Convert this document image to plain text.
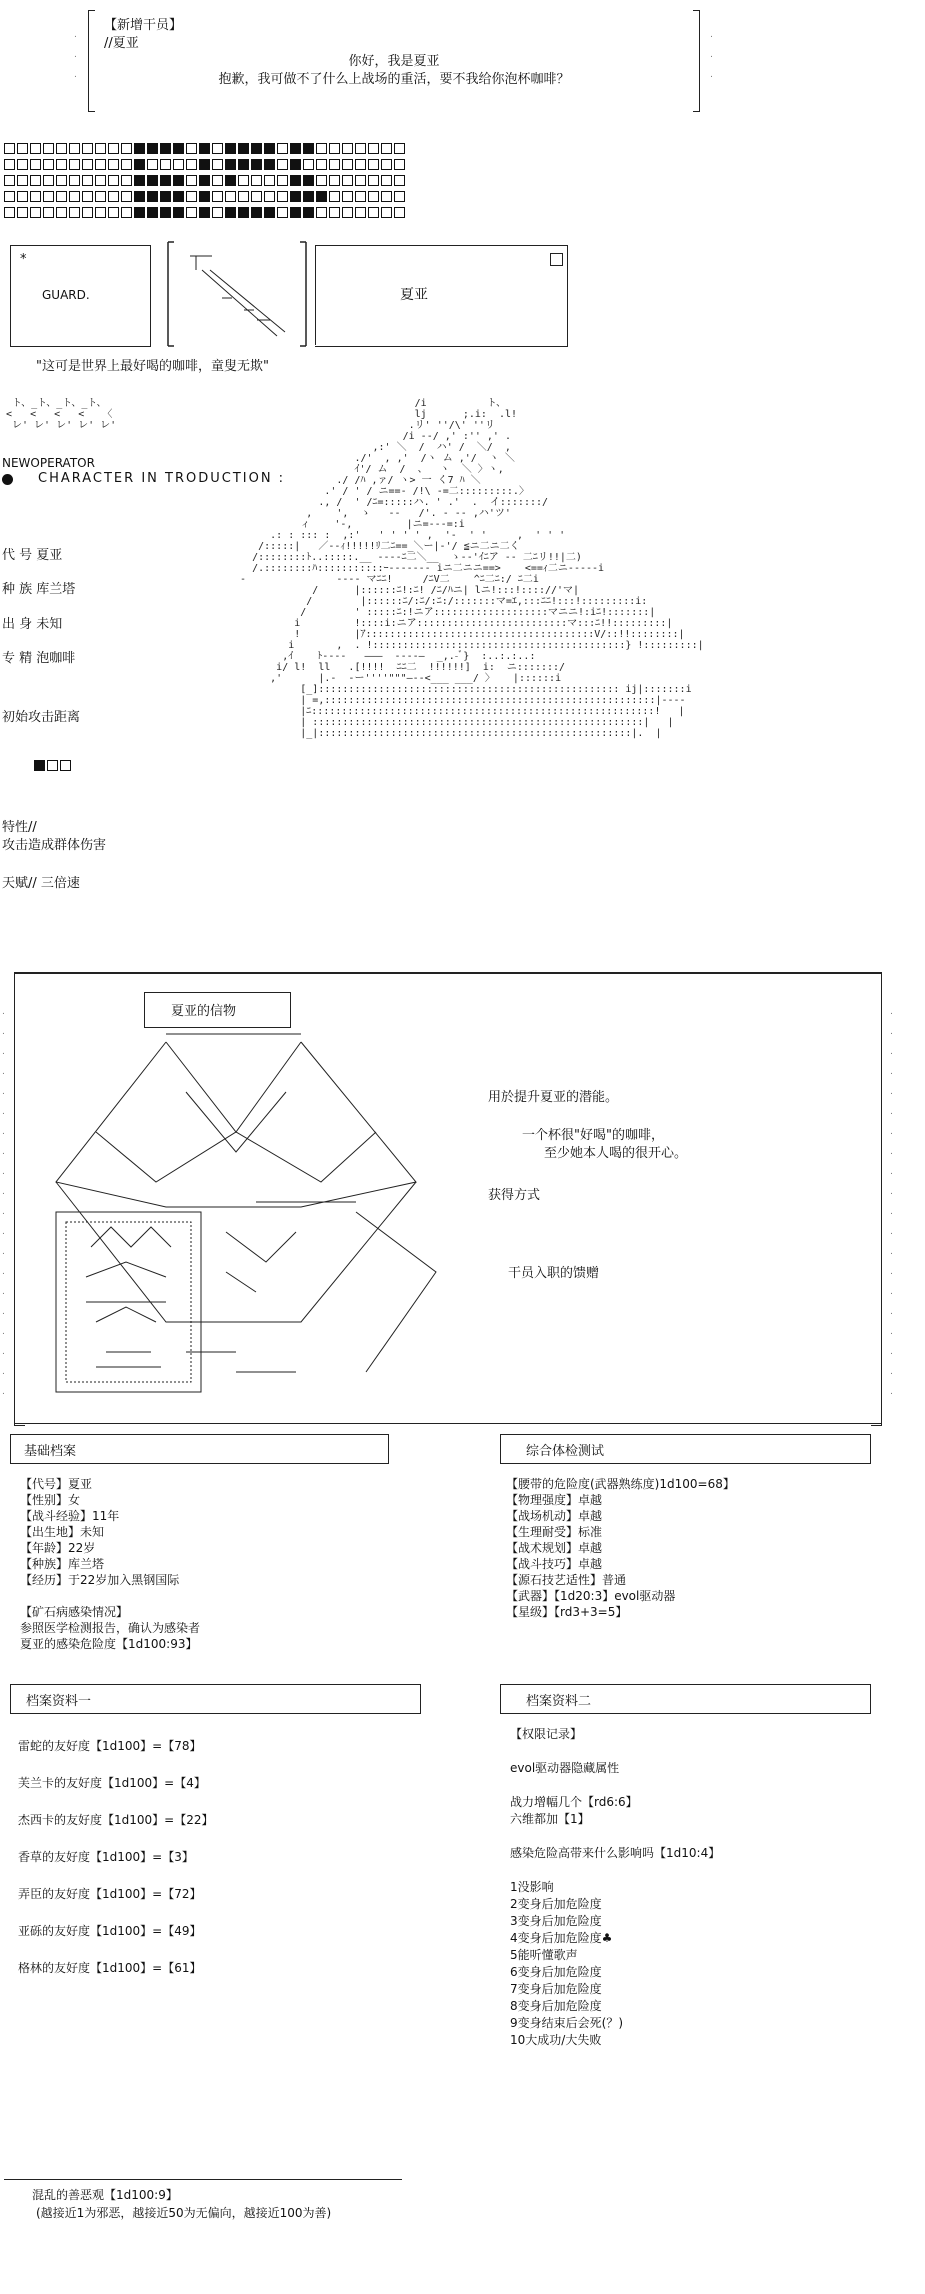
.

.

.
.

.

.
【新增干员】
//夏亚
你好，我是夏亚
抱歉，我可做不了什么上战场的重活，要不我给你泡杯咖啡？
*
GUARD.	夏亚
"这可是世界上最好喝的咖啡，童叟无欺"
ト、_ト、_ト、_ト、
<   <   <   <   〈
レ' レ' レ' レ' レ'
NEWOPERATOR
CHARACTER IN TRODUCTION :
代 号 夏亚
种 族 库兰塔
出 身 未知
专 精 泡咖啡
初始攻击距离
特性//
攻击造成群体伤害
天赋// 三倍速
/i          ト、
lj      ;.i:  .l!
.リ' ''/\' ''リ
/i --/ ,' :'' ,' .
,:' ＼  /  ハ' /  ＼/  ,
./'  , ,'  /ヽ ム ,'/  ヽ ＼
ｲ'/ ム  /  、  ヽ  ＼ 〉ヽ,
./ /ﾊ ,ァ/ ヽ> 一 く7 ﾊ ＼
.' / ' / ニ==- /!\ -=二:::::::::.〉
., /  ' /ﾆ=:::::ハ. ' .'  .  イ:::::::/
,    ',  ゝ   --   /'. ‐ -‐ ,ハ'ツ'
ィ    '-,         |ニ=-‐‐=:i
.: : ::: :  ,:'   ' ' ' ' ,  '-  ' '     ,  ' ' '
/:::::|   ／--ｨ!!!!!ﾘ二ﾆ==_＼ー|-'/ ≦ニ二ニ二く
/::::::::ﾄ..:::::.__ ----ﾆ二＼__  ゝ--'ｲﾆア -- 二ﾆリ!!|二)
/.::::::::ﾊ:::::::::::ｰ‐‐‐‐--- iニ二ニニ==>    <==ｨ二ニ-‐‐‐‐i
‐               -‐‐‐ マﾆﾆ!     /ﾆV二    ^ﾆ二ﾆ:/ ﾆ二i
/      |::::::ﾆ!:ﾆ! /ﾆ/ﾊニ| lニ!:::!:::://'マ|
/        |::::::ﾆ/:ﾆ/:ﾆ:/:::::::マ=ｴ,:::ﾆﾆ!:::!:::::::::i:
/        ' :::::ﾆ:!ニア:::::::::::::::::::マニニ!:iﾆ!:::::::|
i         !::::i:ニア:::::::::::::::::::::::::マ:::ﾆ!!:::::::::|
!         |ｱ::::::::::::::::::::::::::::::::::::::V/::!!::::::::|
i       ,  . !::::::::::::::::::::::::::::::::::::::::::} !:::::::::|
,ｲ    ﾄ--‐‐   ―――  -‐‐‐―  _,.-ﾞ}  :..:.:..:
i/ l!  ll   .[!!!!  ﾆﾆ二  !!!!!!]  i:  ニ:::::::/
,'      |.-  ‐ー''''"""―‐-<___ ___/ 〉   |::::::i
[_]:::::::::::::::::::::::::::::::::::::::::::::::::: ij|:::::::i
| =,:::::::::::::::::::::::::::::::::::::::::::::::::::::::|‐‐‐‐
|ﾆ:::::::::::::::::::::::::::::::::::::::::::::::::::::::::!   |
| :::::::::::::::::::::::::::::::::::::::::::::::::::::::|   |
|_|::::::::::::::::::::::::::::::::::::::::::::::::::::|.  |
.
.
.
.
.
.
.
.
.
.
.
.
.
.
.
.
.
.
.
.
.
.
.
.
.
.
.
.
.
.
.
.
.
.
.
.
.
.
.
.
夏亚的信物
用於提升夏亚的潜能。
一个杯很"好喝"的咖啡，
至少她本人喝的很开心。
获得方式
干员入职的馈赠
基础档案
【代号】夏亚
【性别】女
【战斗经验】11年
【出生地】未知
【年龄】22岁
【种族】库兰塔
【经历】于22岁加入黑钢国际

【矿石病感染情况】
参照医学检测报告，确认为感染者
夏亚的感染危险度【1d100:93】
综合体检测试
【腰带的危险度(武器熟练度)1d100=68】
【物理强度】卓越
【战场机动】卓越
【生理耐受】标准
【战术规划】卓越
【战斗技巧】卓越
【源石技艺适性】普通
【武器】【1d20:3】evol驱动器
【星级】【rd3+3=5】
档案资料一
雷蛇的友好度【1d100】=【78】
芙兰卡的友好度【1d100】=【4】
杰西卡的友好度【1d100】=【22】
香草的友好度【1d100】=【3】
弄臣的友好度【1d100】=【72】
亚砾的友好度【1d100】=【49】
格林的友好度【1d100】=【61】
档案资料二
【权限记录】

evol驱动器隐藏属性

战力增幅几个【rd6:6】
六维都加【1】

感染危险高带来什么影响吗【1d10:4】

1没影响
2变身后加危险度
3变身后加危险度
4变身后加危险度♣
5能听懂歌声
6变身后加危险度
7变身后加危险度
8变身后加危险度
9变身结束后会死(？)
10大成功/大失败
混乱的善恶观【1d100:9】
(越接近1为邪恶，越接近50为无偏向，越接近100为善)
